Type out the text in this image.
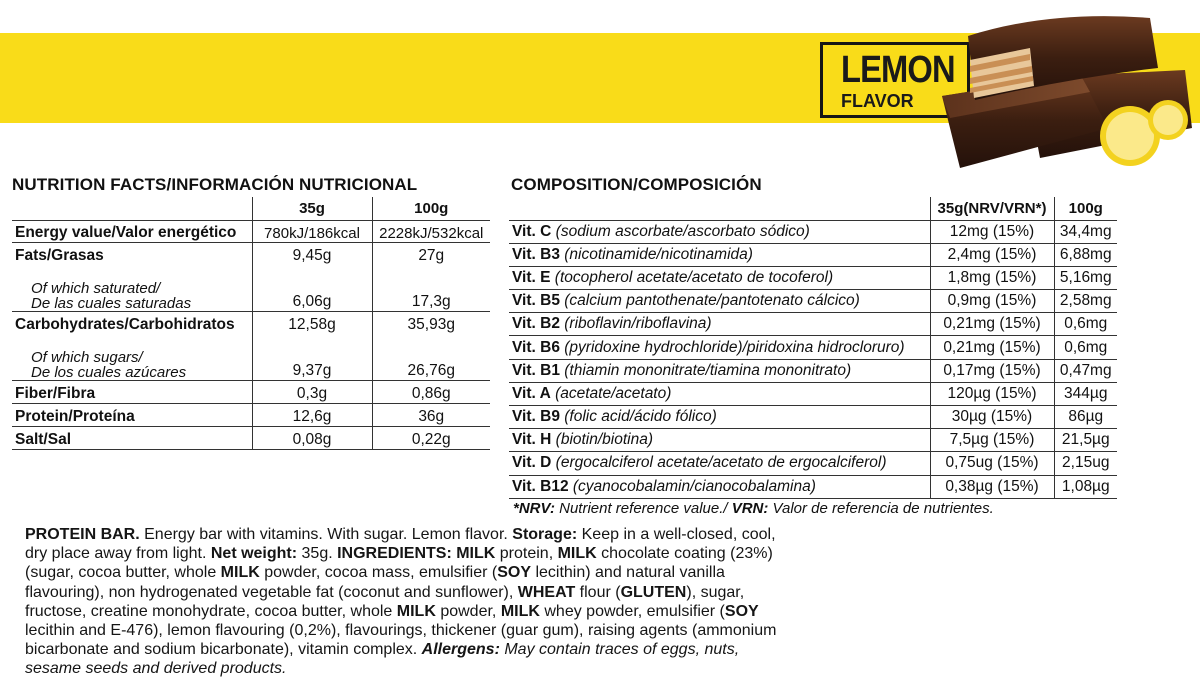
LEMON
FLAVOR
NUTRITION FACTS/INFORMACIÓN NUTRICIONAL
	35g	100g
Energy value/Valor energético	780kJ/186kcal	2228kJ/532kcal
Fats/Grasas	9,45g	27g

Of which saturated/
De las cuales saturadas	6,06g	17,3g
Carbohydrates/Carbohidratos	12,58g	35,93g

Of which sugars/
De los cuales azúcares	9,37g	26,76g
Fiber/Fibra	0,3g	0,86g
Protein/Proteína	12,6g	36g
Salt/Sal	0,08g	0,22g
COMPOSITION/COMPOSICIÓN
	35g(NRV/VRN*)	100g
Vit. C (sodium ascorbate/ascorbato sódico)	12mg (15%)	34,4mg
Vit. B3 (nicotinamide/nicotinamida)	2,4mg (15%)	6,88mg
Vit. E (tocopherol acetate/acetato de tocoferol)	1,8mg (15%)	5,16mg
Vit. B5 (calcium pantothenate/pantotenato cálcico)	0,9mg (15%)	2,58mg
Vit. B2 (riboflavin/riboflavina)	0,21mg (15%)	0,6mg
Vit. B6 (pyridoxine hydrochloride)/piridoxina hidrocloruro)	0,21mg (15%)	0,6mg
Vit. B1 (thiamin mononitrate/tiamina mononitrato)	0,17mg (15%)	0,47mg
Vit. A (acetate/acetato)	120µg (15%)	344µg
Vit. B9 (folic acid/ácido fólico)	30µg (15%)	86µg
Vit. H (biotin/biotina)	7,5µg (15%)	21,5µg
Vit. D (ergocalciferol acetate/acetato de ergocalciferol)	0,75ug (15%)	2,15ug
Vit. B12 (cyanocobalamin/cianocobalamina)	0,38µg (15%)	1,08µg
*NRV: Nutrient reference value./ VRN: Valor de referencia de nutrientes.
PROTEIN BAR. Energy bar with vitamins. With sugar. Lemon flavor. Storage: Keep in a well-closed, cool, dry place away from light. Net weight: 35g. INGREDIENTS: MILK protein, MILK chocolate coating (23%) (sugar, cocoa butter, whole MILK powder, cocoa mass, emulsifier (SOY lecithin) and natural vanilla flavouring), non hydrogenated vegetable fat (coconut and sunflower), WHEAT flour (GLUTEN), sugar, fructose, creatine monohydrate, cocoa butter, whole MILK powder, MILK whey powder, emulsifier (SOY lecithin and E-476), lemon flavouring (0,2%), flavourings, thickener (guar gum), raising agents (ammonium bicarbonate and sodium bicarbonate), vitamin complex. Allergens: May contain traces of eggs, nuts, sesame seeds and derived products.
